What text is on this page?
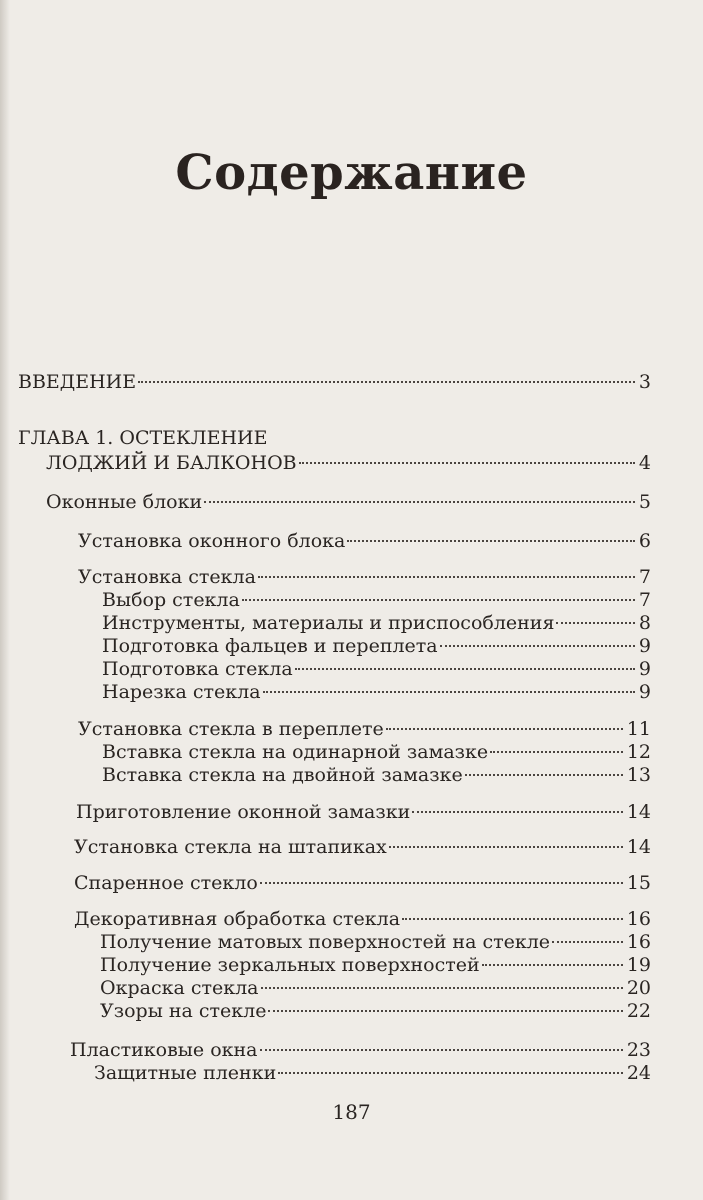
Содержание
ВВЕДЕНИЕ	3
ГЛАВА 1. ОСТЕКЛЕНИЕ
ЛОДЖИЙ И БАЛКОНОВ	4
Оконные блоки	5
Установка оконного блока	6
Установка стекла	7
Выбор стекла	7
Инструменты, материалы и приспособления	8
Подготовка фальцев и переплета	9
Подготовка стекла	9
Нарезка стекла	9
Установка стекла в переплете	11
Вставка стекла на одинарной замазке	12
Вставка стекла на двойной замазке	13
Приготовление оконной замазки	14
Установка стекла на штапиках	14
Спаренное стекло	15
Декоративная обработка стекла	16
Получение матовых поверхностей на стекле	16
Получение зеркальных поверхностей	19
Окраска стекла	20
Узоры на стекле	22
Пластиковые окна	23
Защитные пленки	24
187
